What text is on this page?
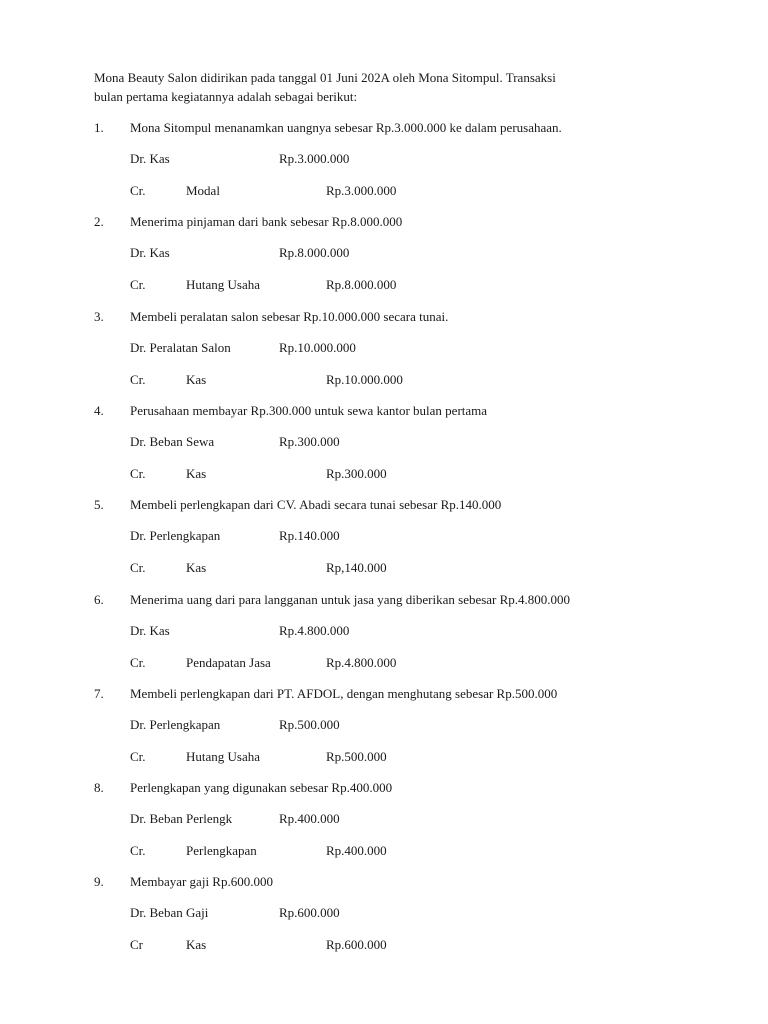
Mona Beauty Salon didirikan pada tanggal 01 Juni 202A oleh Mona Sitompul. Transaksi
bulan pertama kegiatannya adalah sebagai berikut:
1. Mona Sitompul menanamkan uangnya sebesar Rp.3.000.000 ke dalam perusahaan.
Dr. Kas	Rp.3.000.000
Cr.	Modal	Rp.3.000.000
2. Menerima pinjaman dari bank sebesar Rp.8.000.000
Dr. Kas	Rp.8.000.000
Cr.	Hutang Usaha	Rp.8.000.000
3. Membeli peralatan salon sebesar Rp.10.000.000 secara tunai.
Dr. Peralatan Salon	Rp.10.000.000
Cr.	Kas	Rp.10.000.000
4. Perusahaan membayar Rp.300.000 untuk sewa kantor bulan pertama
Dr. Beban Sewa	Rp.300.000
Cr.	Kas	Rp.300.000
5. Membeli perlengkapan dari CV. Abadi secara tunai sebesar Rp.140.000
Dr. Perlengkapan	Rp.140.000
Cr.	Kas	Rp,140.000
6. Menerima uang dari para langganan untuk jasa yang diberikan sebesar Rp.4.800.000
Dr. Kas	Rp.4.800.000
Cr.	Pendapatan Jasa	Rp.4.800.000
7. Membeli perlengkapan dari PT. AFDOL, dengan menghutang sebesar Rp.500.000
Dr. Perlengkapan	Rp.500.000
Cr.	Hutang Usaha	Rp.500.000
8. Perlengkapan yang digunakan sebesar Rp.400.000
Dr. Beban Perlengk	Rp.400.000
Cr.	Perlengkapan	Rp.400.000
9. Membayar gaji Rp.600.000
Dr. Beban Gaji	Rp.600.000
Cr	Kas	Rp.600.000
